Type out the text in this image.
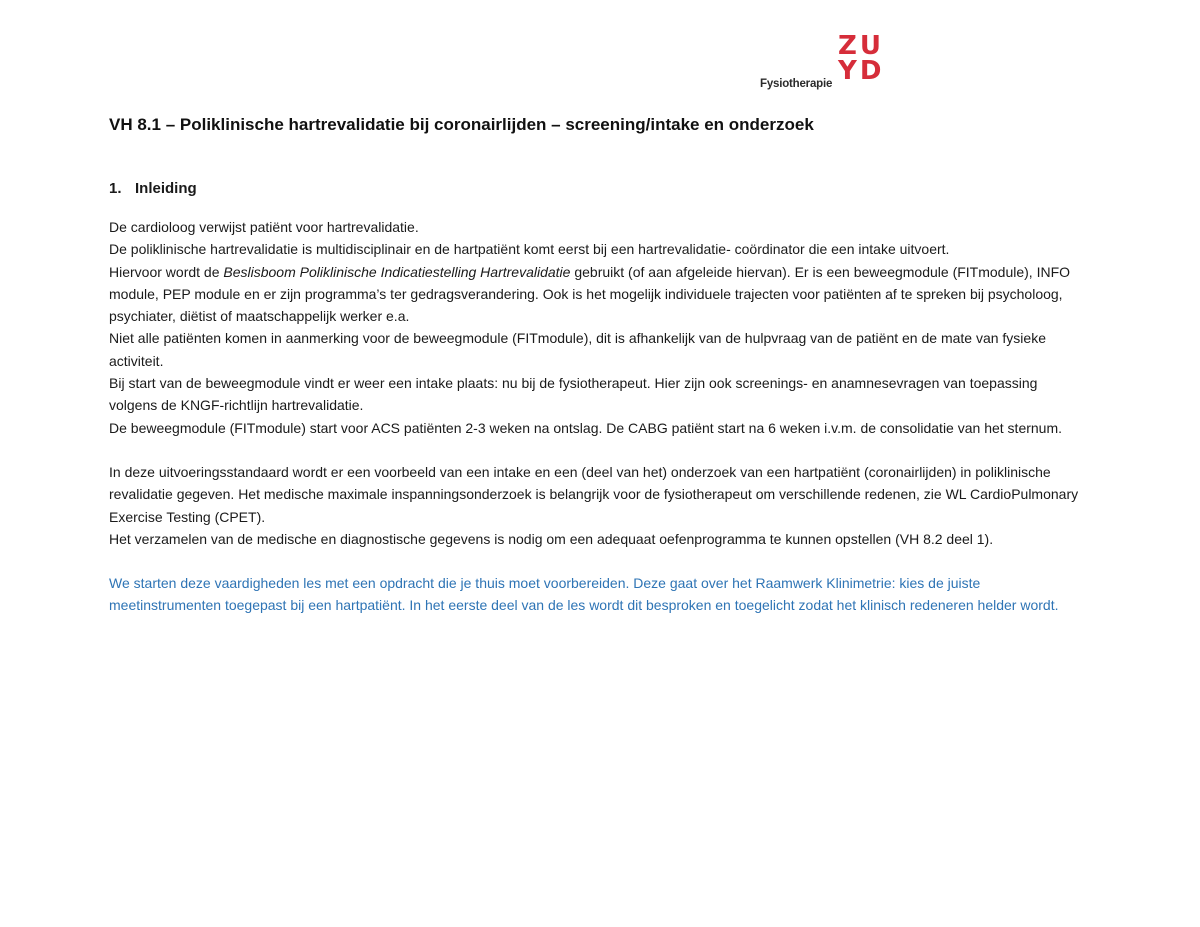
Fysiotherapie
ZU
YD
VH 8.1 – Poliklinische hartrevalidatie bij coronairlijden – screening/intake en onderzoek
1. Inleiding

De cardioloog verwijst patiënt voor hartrevalidatie.

De poliklinische hartrevalidatie is multidisciplinair en de hartpatiënt komt eerst bij een hartrevalidatie- coördinator die een intake uitvoert.

Hiervoor wordt de Beslisboom Poliklinische Indicatiestelling Hartrevalidatie gebruikt (of aan afgeleide hiervan). Er is een beweegmodule (FITmodule), INFO module, PEP module en er zijn programma’s ter gedragsverandering. Ook is het mogelijk individuele trajecten voor patiënten af te spreken bij psycholoog, psychiater, diëtist of maatschappelijk werker e.a.

Niet alle patiënten komen in aanmerking voor de beweegmodule (FITmodule), dit is afhankelijk van de hulpvraag van de patiënt en de mate van fysieke activiteit.

Bij start van de beweegmodule vindt er weer een intake plaats: nu bij de fysiotherapeut. Hier zijn ook screenings- en anamnesevragen van toepassing volgens de KNGF-richtlijn hartrevalidatie.

De beweegmodule (FITmodule) start voor ACS patiënten 2-3 weken na ontslag. De CABG patiënt start na 6 weken i.v.m. de consolidatie van het sternum.

In deze uitvoeringsstandaard wordt er een voorbeeld van een intake en een (deel van het) onderzoek van een hartpatiënt (coronairlijden) in poliklinische revalidatie gegeven. Het medische maximale inspanningsonderzoek is belangrijk voor de fysiotherapeut om verschillende redenen, zie WL CardioPulmonary Exercise Testing (CPET).

Het verzamelen van de medische en diagnostische gegevens is nodig om een adequaat oefenprogramma te kunnen opstellen (VH 8.2 deel 1).

We starten deze vaardigheden les met een opdracht die je thuis moet voorbereiden. Deze gaat over het Raamwerk Klinimetrie: kies de juiste meetinstrumenten toegepast bij een hartpatiënt. In het eerste deel van de les wordt dit besproken en toegelicht zodat het klinisch redeneren helder wordt.
